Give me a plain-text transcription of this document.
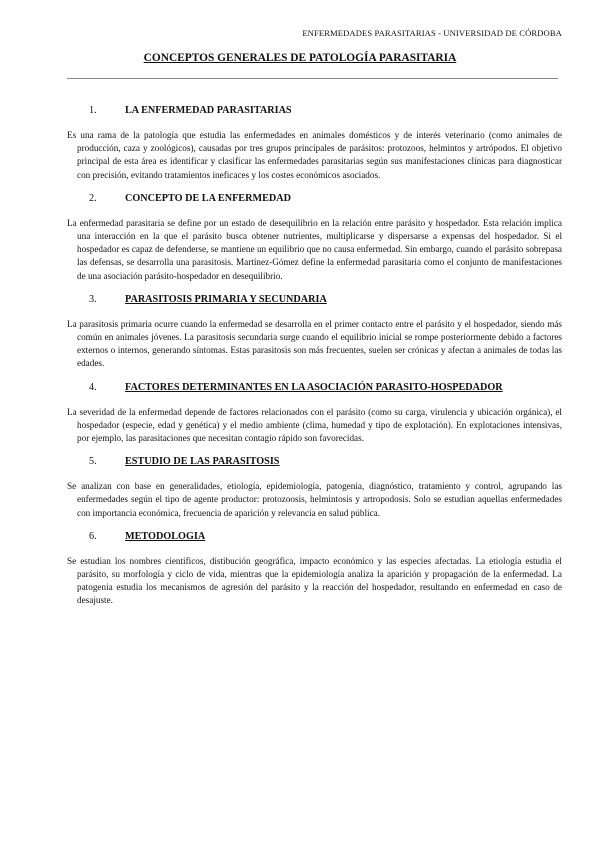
ENFERMEDADES PARASITARIAS - UNIVERSIDAD DE CÓRDOBA
CONCEPTOS GENERALES DE PATOLOGÍA PARASITARIA
1.	LA ENFERMEDAD PARASITARIAS

Es una rama de la patología que estudia las enfermedades en animales domésticos y de interés veterinario (como animales de producción, caza y zoológicos), causadas por tres grupos principales de parásitos: protozoos, helmintos y artrópodos. El objetivo principal de esta área es identificar y clasificar las enfermedades parasitarias según sus manifestaciones clínicas para diagnosticar con precisión, evitando tratamientos ineficaces y los costes económicos asociados.

2.	CONCEPTO DE LA ENFERMEDAD

La enfermedad parasitaria se define por un estado de desequilibrio en la relación entre parásito y hospedador. Esta relación implica una interacción en la que el parásito busca obtener nutrientes, multiplicarse y dispersarse a expensas del hospedador. Si el hospedador es capaz de defenderse, se mantiene un equilibrio que no causa enfermedad. Sin embargo, cuando el parásito sobrepasa las defensas, se desarrolla una parasitosis. Martínez-Gómez define la enfermedad parasitaria como el conjunto de manifestaciones de una asociación parásito-hospedador en desequilibrio.

3.	PARASITOSIS PRIMARIA Y SECUNDARIA

La parasitosis primaria ocurre cuando la enfermedad se desarrolla en el primer contacto entre el parásito y el hospedador, siendo más común en animales jóvenes. La parasitosis secundaria surge cuando el equilibrio inicial se rompe posteriormente debido a factores externos o internos, generando síntomas. Estas parasitosis son más frecuentes, suelen ser crónicas y afectan a animales de todas las edades.

4.	FACTORES DETERMINANTES EN LA ASOCIACIÓN PARASITO-HOSPEDADOR

La severidad de la enfermedad depende de factores relacionados con el parásito (como su carga, virulencia y ubicación orgánica), el hospedador (especie, edad y genética) y el medio ambiente (clima, humedad y tipo de explotación). En explotaciones intensivas, por ejemplo, las parasitaciones que necesitan contagio rápido son favorecidas.

5.	ESTUDIO DE LAS PARASITOSIS

Se analizan con base en generalidades, etiología, epidemiología, patogenia, diagnóstico, tratamiento y control, agrupando las enfermedades según el tipo de agente productor: protozoosis, helmintosis y artropodosis. Solo se estudian aquellas enfermedades con importancia económica, frecuencia de aparición y relevancia en salud pública.

6.	METODOLOGIA

Se estudian los nombres científicos, distibución geográfica, impacto económico y las especies afectadas. La etiología estudia el parásito, su morfología y ciclo de vida, mientras que la epidemiología analiza la aparición y propagación de la enfermedad. La patogenia estudia los mecanismos de agresión del parásito y la reacción del hospedador, resultando en enfermedad en caso de desajuste.
